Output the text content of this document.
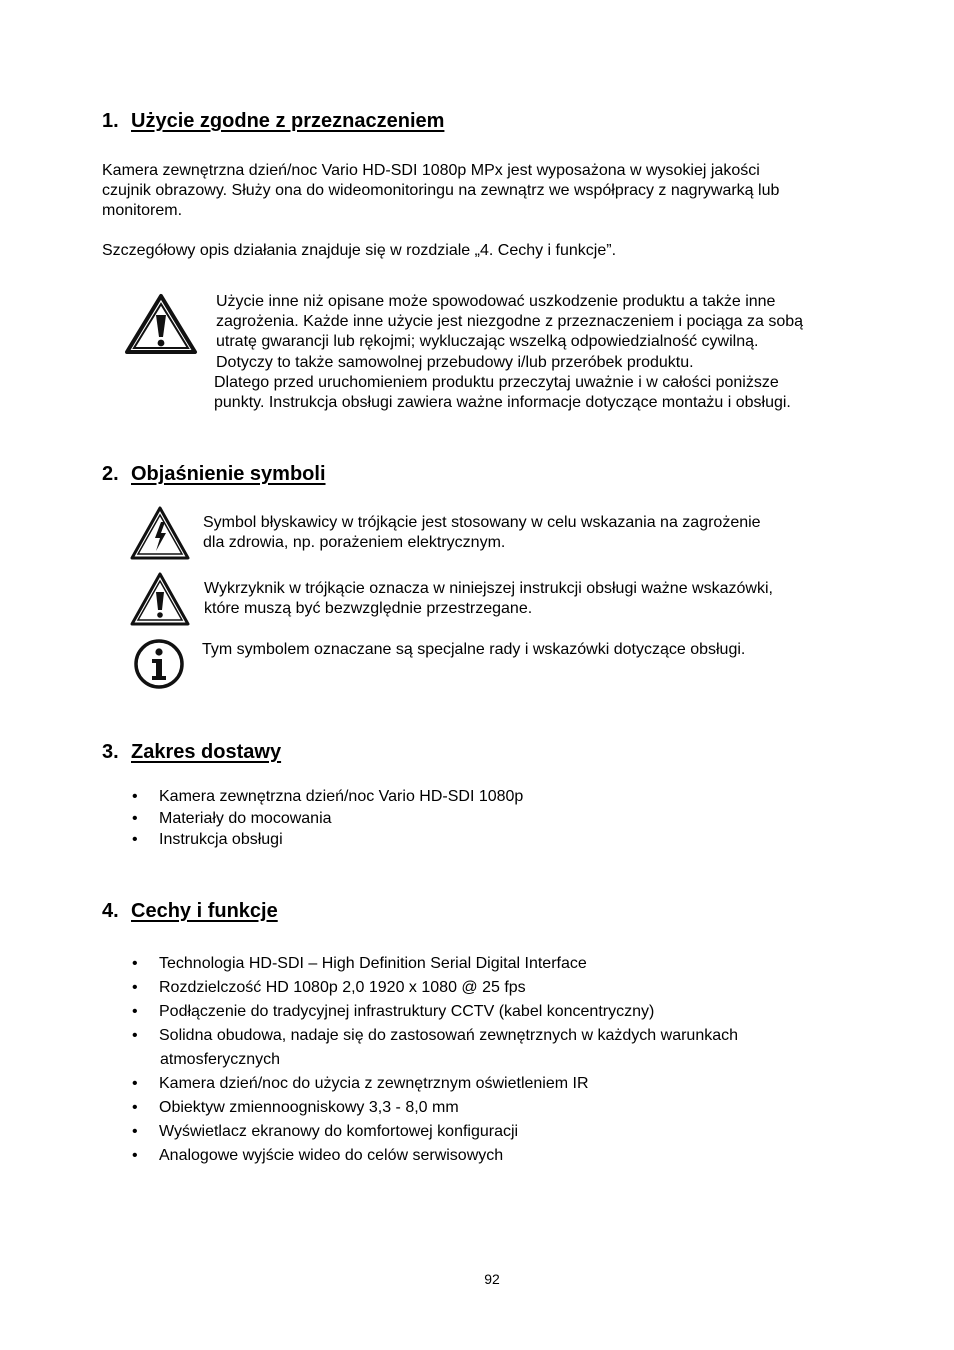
1. Użycie zgodne z przeznaczeniem
Kamera zewnętrzna dzień/noc Vario HD-SDI 1080p MPx jest wyposażona w wysokiej jakości
czujnik obrazowy. Służy ona do wideomonitoringu na zewnątrz we współpracy z nagrywarką lub
monitorem.
Szczegółowy opis działania znajduje się w rozdziale „4. Cechy i funkcje”.
Użycie inne niż opisane może spowodować uszkodzenie produktu a także inne
zagrożenia. Każde inne użycie jest niezgodne z przeznaczeniem i pociąga za sobą
utratę gwarancji lub rękojmi; wykluczając wszelką odpowiedzialność cywilną.
Dotyczy to także samowolnej przebudowy i/lub przeróbek produktu.
Dlatego przed uruchomieniem produktu przeczytaj uważnie i w całości poniższe
punkty. Instrukcja obsługi zawiera ważne informacje dotyczące montażu i obsługi.
2. Objaśnienie symboli
Symbol błyskawicy w trójkącie jest stosowany w celu wskazania na zagrożenie
dla zdrowia, np. porażeniem elektrycznym.
Wykrzyknik w trójkącie oznacza w niniejszej instrukcji obsługi ważne wskazówki,
które muszą być bezwzględnie przestrzegane.
Tym symbolem oznaczane są specjalne rady i wskazówki dotyczące obsługi.
3. Zakres dostawy
• Kamera zewnętrzna dzień/noc Vario HD-SDI 1080p
• Materiały do mocowania
• Instrukcja obsługi
4. Cechy i funkcje
• Technologia HD-SDI – High Definition Serial Digital Interface
• Rozdzielczość HD 1080p 2,0 1920 x 1080 @ 25 fps
• Podłączenie do tradycyjnej infrastruktury CCTV (kabel koncentryczny)
• Solidna obudowa, nadaje się do zastosowań zewnętrznych w każdych warunkach
atmosferycznych
• Kamera dzień/noc do użycia z zewnętrznym oświetleniem IR
• Obiektyw zmiennoogniskowy 3,3 - 8,0 mm
• Wyświetlacz ekranowy do komfortowej konfiguracji
• Analogowe wyjście wideo do celów serwisowych
92
